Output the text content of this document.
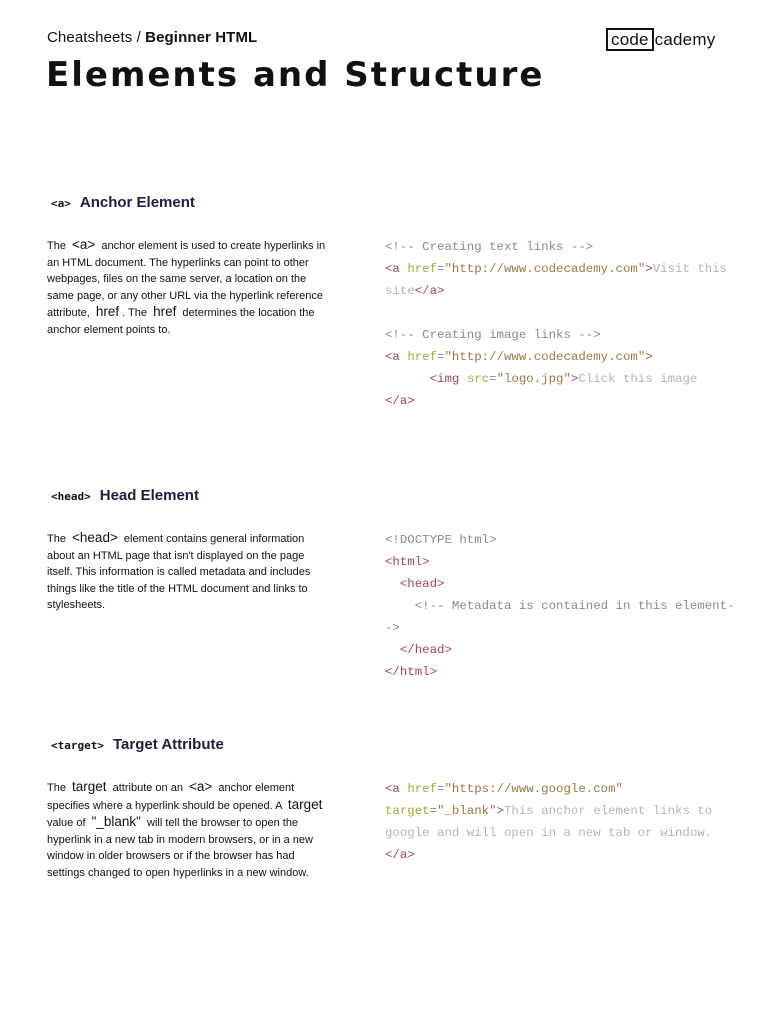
Cheatsheets / Beginner HTML	code cademy
Elements and Structure
<a> Anchor Element

The <a> anchor element is used to create hyperlinks in an HTML document. The hyperlinks can point to other webpages, files on the same server, a location on the same page, or any other URL via the hyperlink reference attribute, href . The href determines the location the anchor element points to.

<!-- Creating text links -->
<a href="http://www.codecademy.com">Visit this site</a>

<!-- Creating image links -->
<a href="http://www.codecademy.com">
<img src="logo.jpg">Click this image
</a>
<head> Head Element

The <head> element contains general information about an HTML page that isn't displayed on the page itself. This information is called metadata and includes things like the title of the HTML document and links to stylesheets.

<!DOCTYPE html>
<html>
<head>
<!-- Metadata is contained in this element-->
</head>
</html>
<target> Target Attribute

The target attribute on an <a> anchor element specifies where a hyperlink should be opened. A target value of "_blank" will tell the browser to open the hyperlink in a new tab in modern browsers, or in a new window in older browsers or if the browser has had settings changed to open hyperlinks in a new window.

<a href="https://www.google.com" target="_blank">This anchor element links to google and will open in a new tab or window.</a>
